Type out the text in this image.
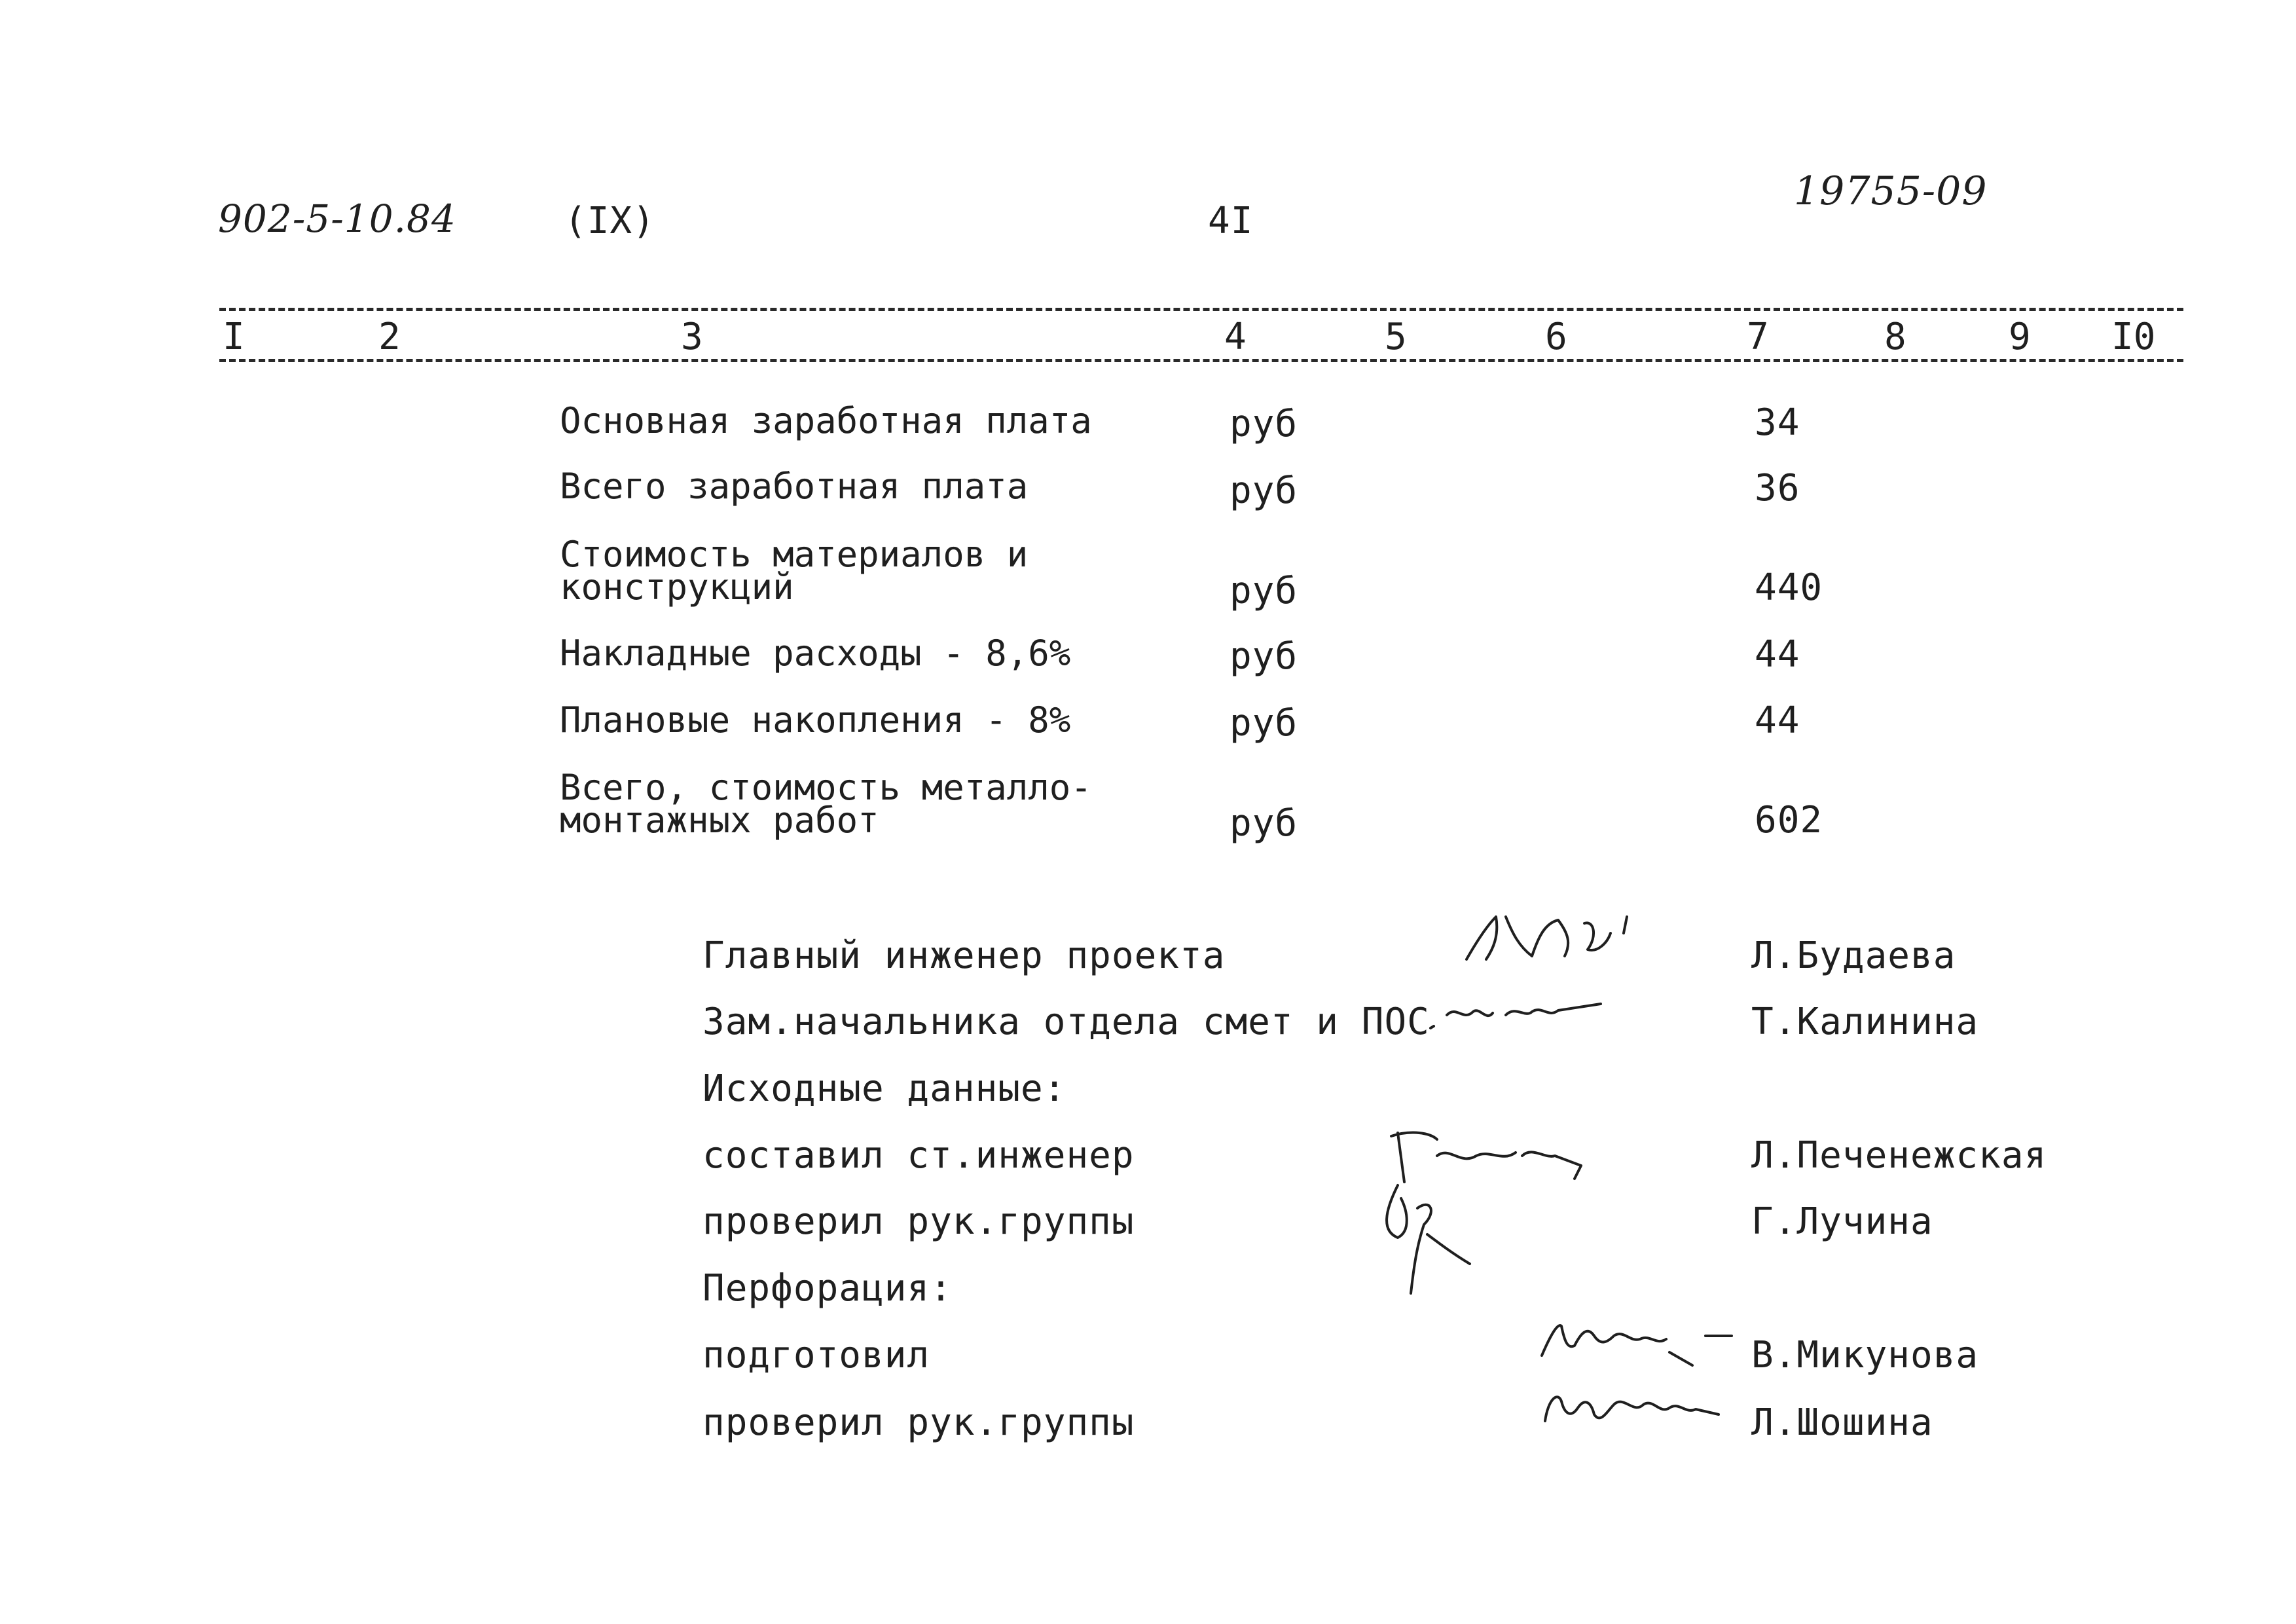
902-5-10.84	(IX)	4I
19755-09
I	2	3	4	5	6	7	8	9 I0
Основная заработная плата	руб	34
Всего заработная плата	руб	36
Стоимость материалов и
конструкций	руб	440
Накладные расходы - 8,6%	руб	44
Плановые накопления - 8%	руб	44
Всего, стоимость металло-
монтажных работ	руб	602
Главный инженер проекта	Л.Будаева
Зам.начальника отдела смет и ПОС	Т.Калинина
Исходные данные:
составил ст.инженер	Л.Печенежская
проверил рук.группы	Г.Лучина
Перфорация:
подготовил	В.Микунова
проверил рук.группы	Л.Шошина
